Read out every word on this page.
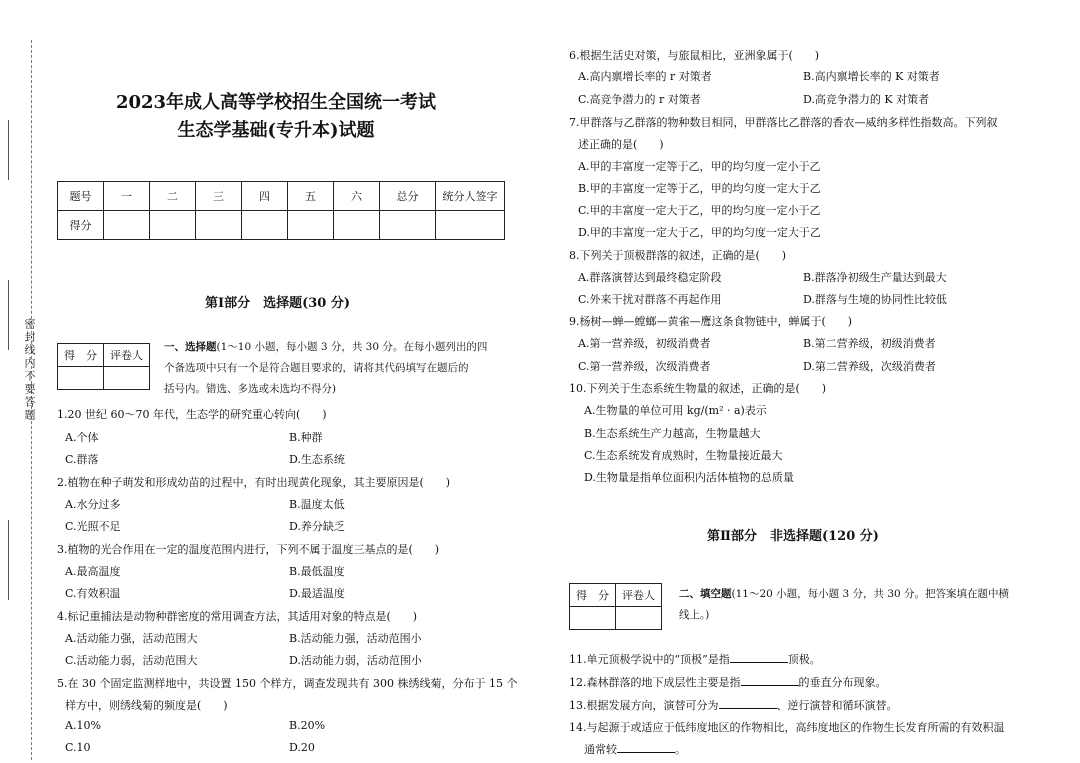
密封线内不要答题
2023年成人高等学校招生全国统一考试
生态学基础(专升本)试题
题号	一	二	三	四	五	六	总分	统分人签字
得分								
第Ⅰ部分　选择题(30 分)
得　分	评卷人

一、选择题(1～10 小题，每小题 3 分，共 30 分。在每小题列出的四
个备选项中只有一个是符合题目要求的，请将其代码填写在题后的
括号内。错选、多选或未选均不得分)
1.20 世纪 60～70 年代，生态学的研究重心转向(　　)
A.个体	B.种群
C.群落	D.生态系统
2.植物在种子萌发和形成幼苗的过程中，有时出现黄化现象，其主要原因是(　　)
A.水分过多	B.温度太低
C.光照不足	D.养分缺乏
3.植物的光合作用在一定的温度范围内进行，下列不属于温度三基点的是(　　)
A.最高温度	B.最低温度
C.有效积温	D.最适温度
4.标记重捕法是动物种群密度的常用调查方法，其适用对象的特点是(　　)
A.活动能力强，活动范围大	B.活动能力强，活动范围小
C.活动能力弱，活动范围大	D.活动能力弱，活动范围小
5.在 30 个固定监测样地中，共设置 150 个样方，调查发现共有 300 株绣线菊，分布于 15 个
样方中，则绣线菊的频度是(　　)
A.10%	B.20%
C.10	D.20
6.根据生活史对策，与旅鼠相比，亚洲象属于(　　)
A.高内禀增长率的 r 对策者	B.高内禀增长率的 K 对策者
C.高竞争潜力的 r 对策者	D.高竞争潜力的 K 对策者
7.甲群落与乙群落的物种数目相同，甲群落比乙群落的香农—威纳多样性指数高。下列叙
述正确的是(　　)
A.甲的丰富度一定等于乙，甲的均匀度一定小于乙
B.甲的丰富度一定等于乙，甲的均匀度一定大于乙
C.甲的丰富度一定大于乙，甲的均匀度一定小于乙
D.甲的丰富度一定大于乙，甲的均匀度一定大于乙
8.下列关于顶极群落的叙述，正确的是(　　)
A.群落演替达到最终稳定阶段	B.群落净初级生产量达到最大
C.外来干扰对群落不再起作用	D.群落与生境的协同性比较低
9.杨树—蝉—螳螂—黄雀—鹰这条食物链中，蝉属于(　　)
A.第一营养级，初级消费者	B.第二营养级，初级消费者
C.第一营养级，次级消费者	D.第二营养级，次级消费者
10.下列关于生态系统生物量的叙述，正确的是(　　)
A.生物量的单位可用 kg/(m² · a)表示
B.生态系统生产力越高，生物量越大
C.生态系统发育成熟时，生物量接近最大
D.生物量是指单位面积内活体植物的总质量
第Ⅱ部分　非选择题(120 分)
得　分	评卷人
	二、填空题(11～20 小题，每小题 3 分，共 30 分。把答案填在题中横
线上。)
11.单元顶极学说中的“顶极”是指	顶极。
12.森林群落的地下成层性主要是指	的垂直分布现象。
13.根据发展方向，演替可分为	、逆行演替和循环演替。
14.与起源于或适应于低纬度地区的作物相比，高纬度地区的作物生长发育所需的有效积温
通常较	。
